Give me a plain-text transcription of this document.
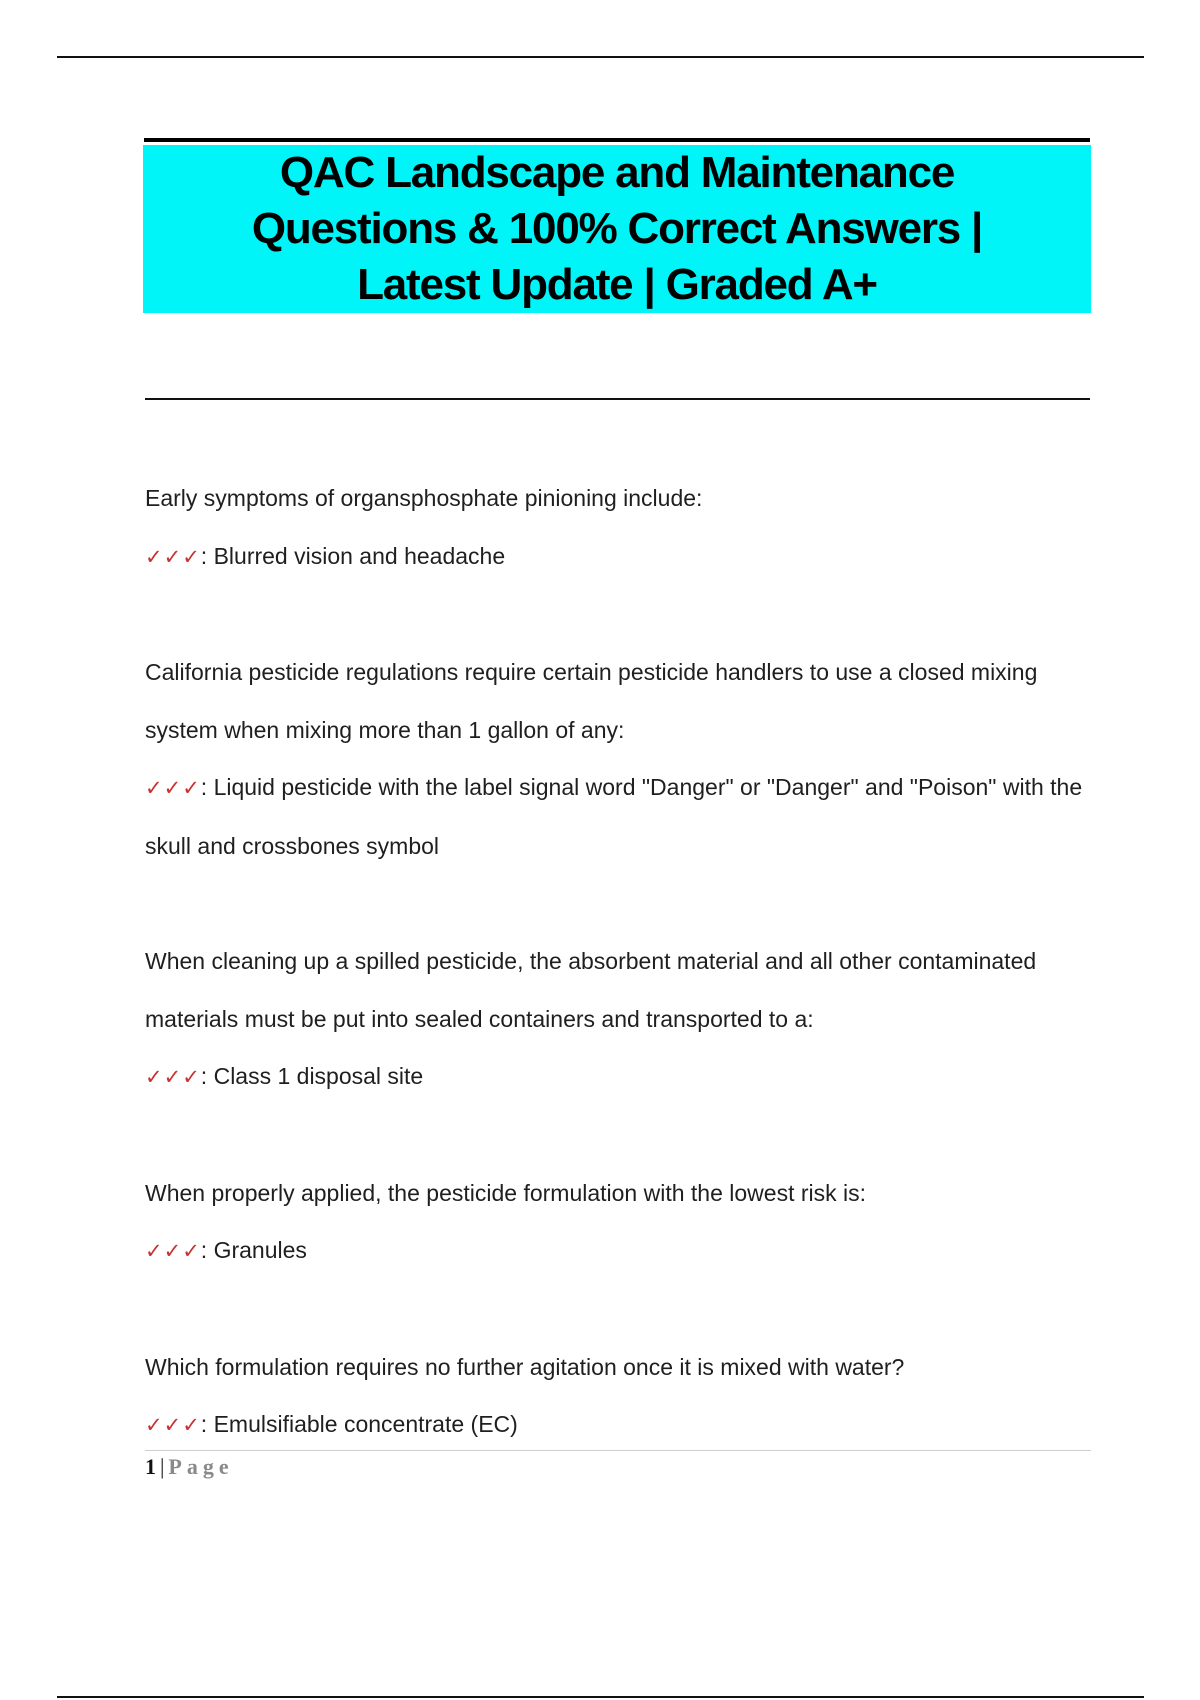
QAC Landscape and Maintenance
Questions & 100% Correct Answers |
Latest Update | Graded A+

Early symptoms of organsphosphate pinioning include:

✓✓✓: Blurred vision and headache

California pesticide regulations require certain pesticide handlers to use a closed mixing system when mixing more than 1 gallon of any:

✓✓✓: Liquid pesticide with the label signal word "Danger" or "Danger" and "Poison" with the skull and crossbones symbol

When cleaning up a spilled pesticide, the absorbent material and all other contaminated materials must be put into sealed containers and transported to a:

✓✓✓: Class 1 disposal site

When properly applied, the pesticide formulation with the lowest risk is:

✓✓✓: Granules

Which formulation requires no further agitation once it is mixed with water?

✓✓✓: Emulsifiable concentrate (EC)

1 | Page
